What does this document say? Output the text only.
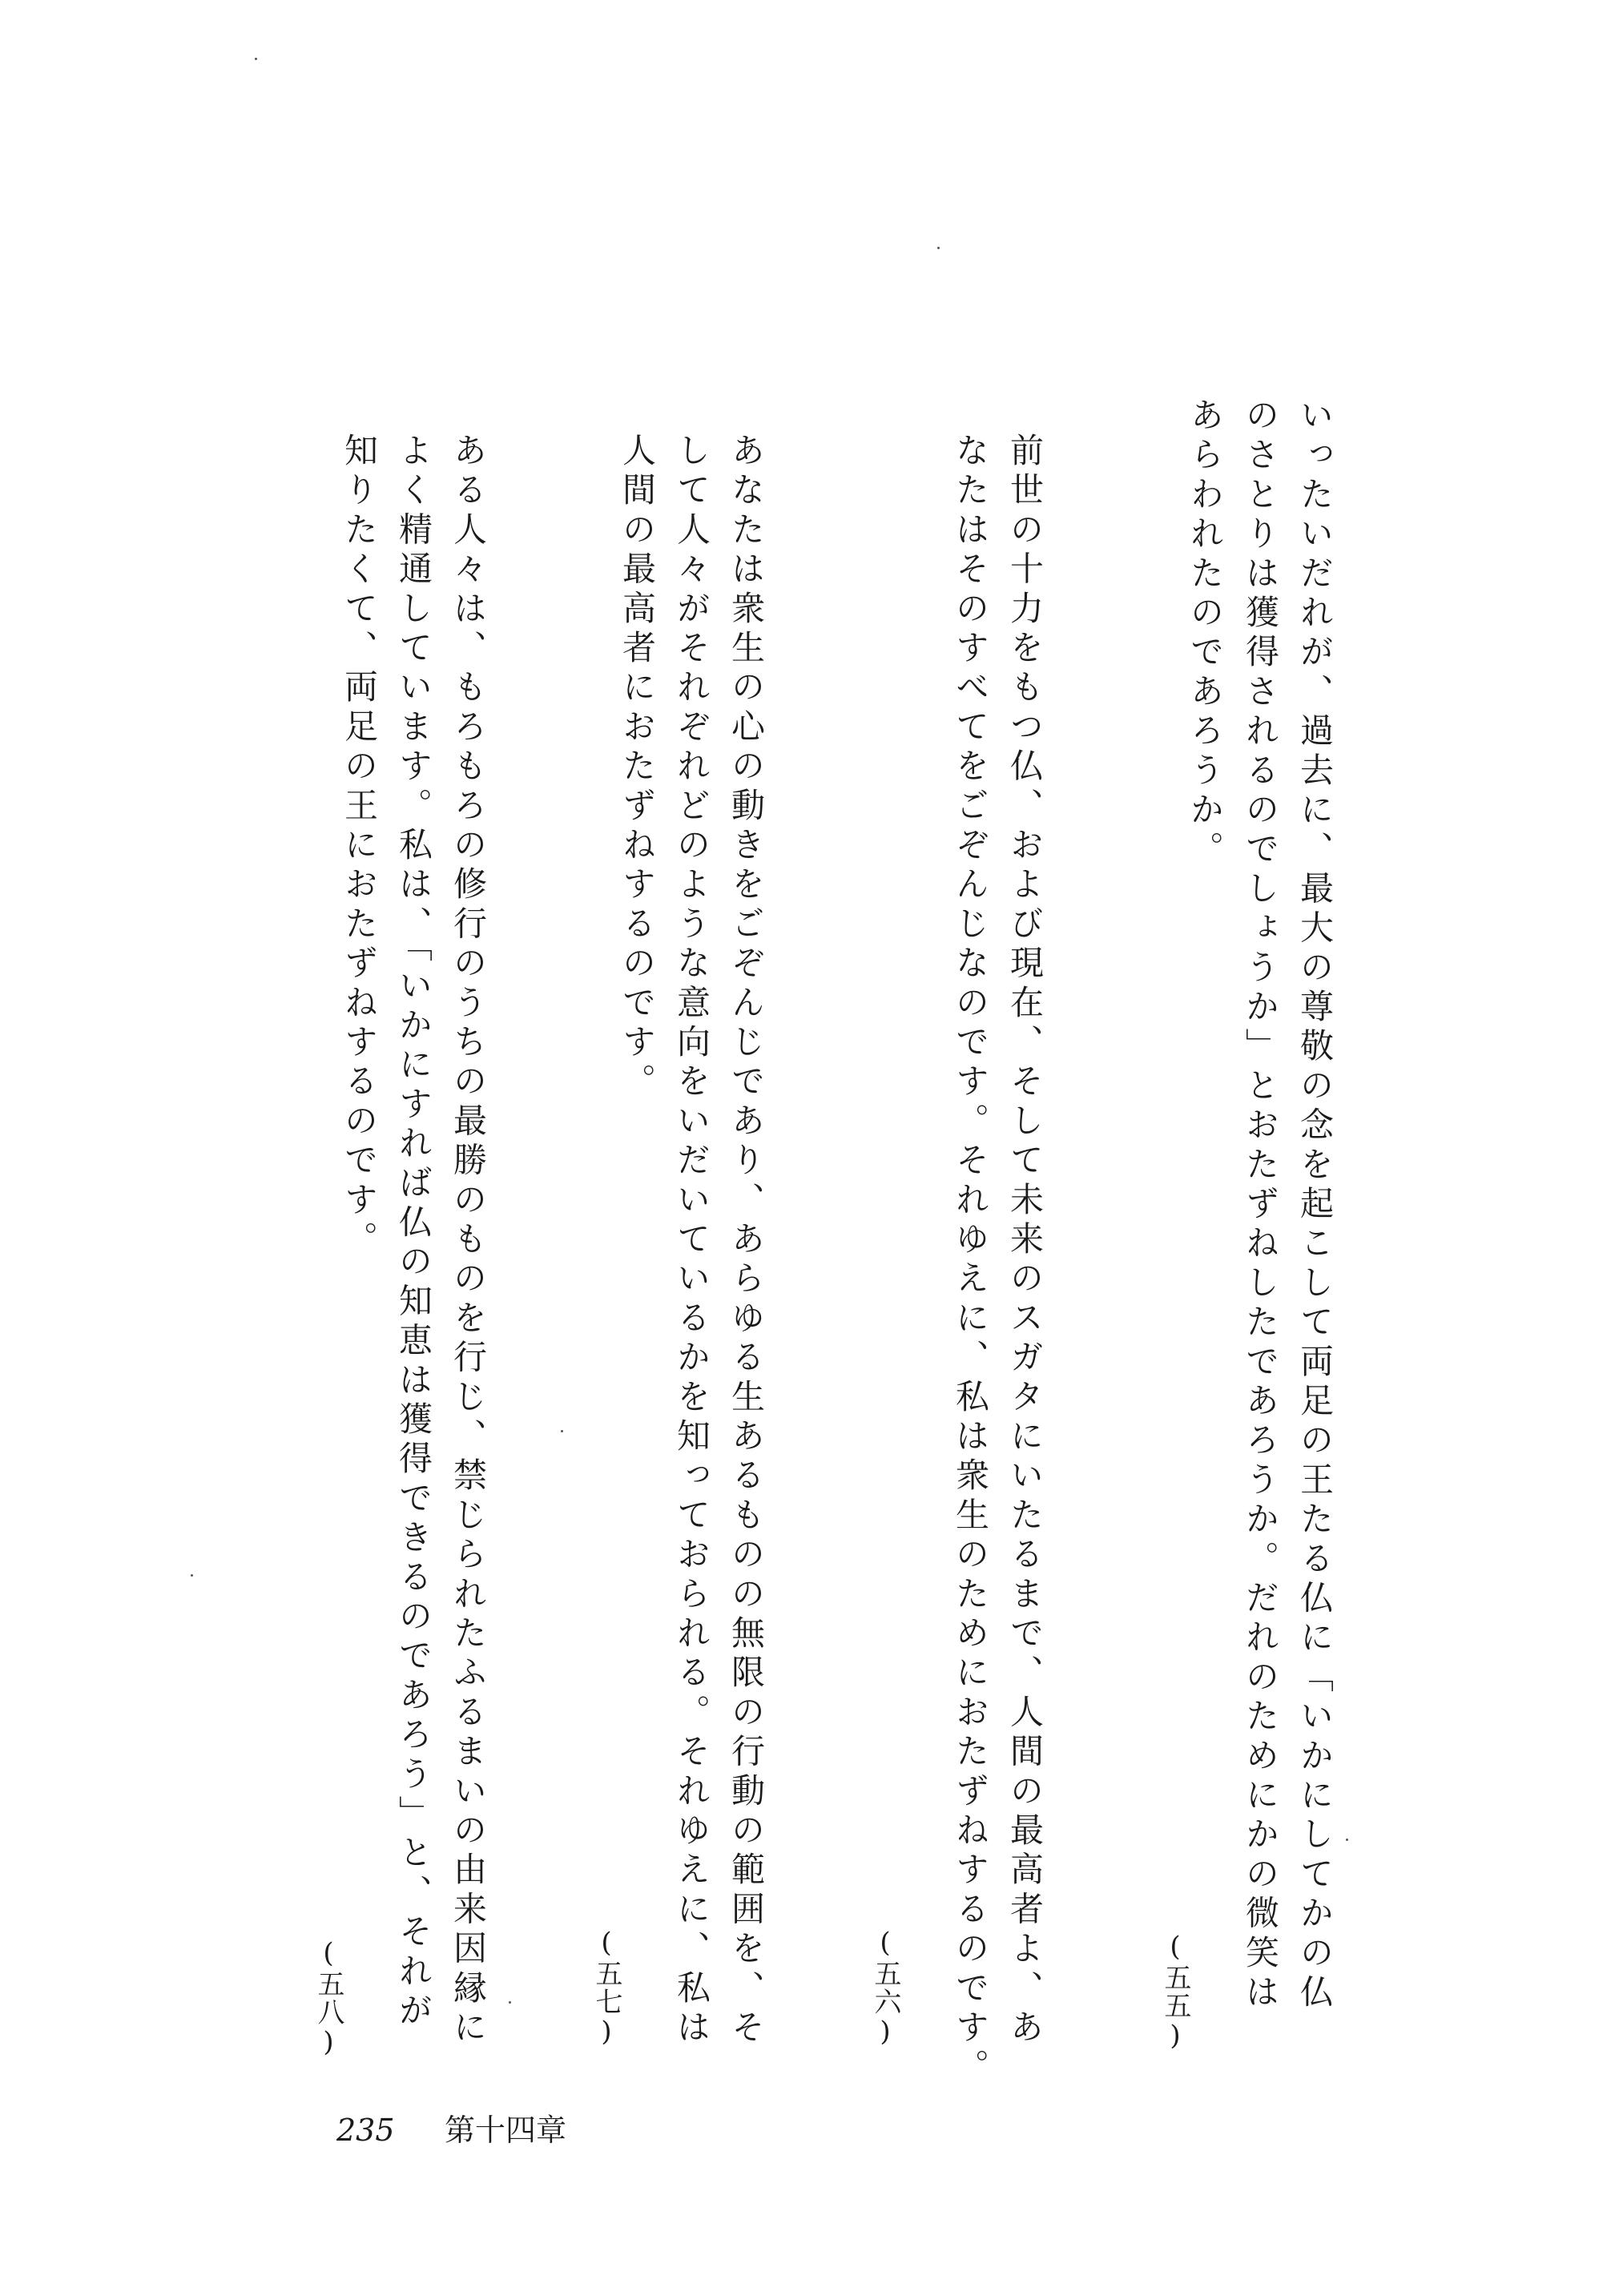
いったいだれが、過去に、最大の尊敬の念を起こして両足の王たる仏に「いかにしてかの仏
のさとりは獲得されるのでしょうか」とおたずねしたであろうか。だれのためにかの微笑は
あらわれたのであろうか。
(五五)
前世の十力をもつ仏、および現在、そして未来のスガタにいたるまで、人間の最高者よ、あ
なたはそのすべてをごぞんじなのです。それゆえに、私は衆生のためにおたずねするのです。
(五六)
あなたは衆生の心の動きをごぞんじであり、あらゆる生あるものの無限の行動の範囲を、そ
して人々がそれぞれどのような意向をいだいているかを知っておられる。それゆえに、私は
人間の最高者におたずねするのです。
(五七)
ある人々は、もろもろの修行のうちの最勝のものを行じ、禁じられたふるまいの由来因縁に
よく精通しています。私は、「いかにすれば仏の知恵は獲得できるのであろう」と、それが
知りたくて、両足の王におたずねするのです。
(五八)
235 第十四章
